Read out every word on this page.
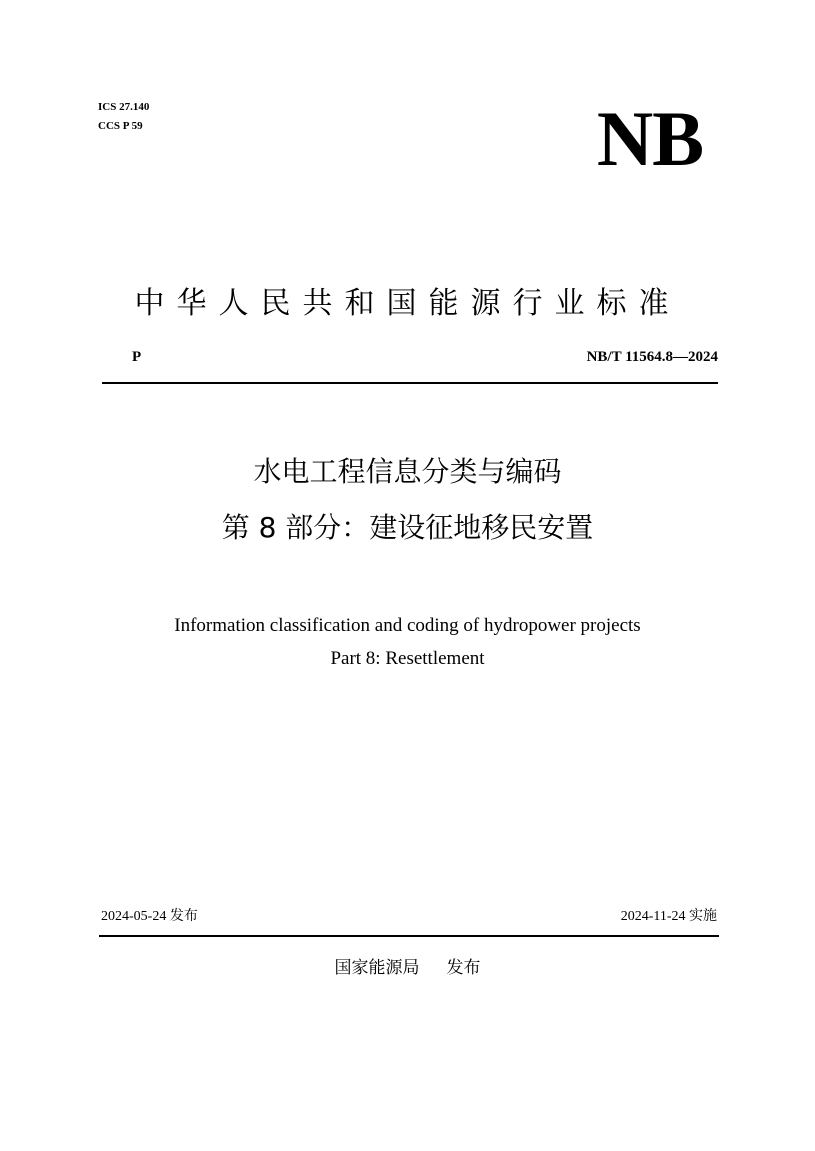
ICS 27.140
CCS P 59	NB
中华人民共和国能源行业标准
P	NB/T 11564.8—2024
水电工程信息分类与编码
第 8 部分：建设征地移民安置
Information classification and coding of hydropower projects
Part 8: Resettlement
2024-05-24 发布	2024-11-24 实施
国家能源局 发布
